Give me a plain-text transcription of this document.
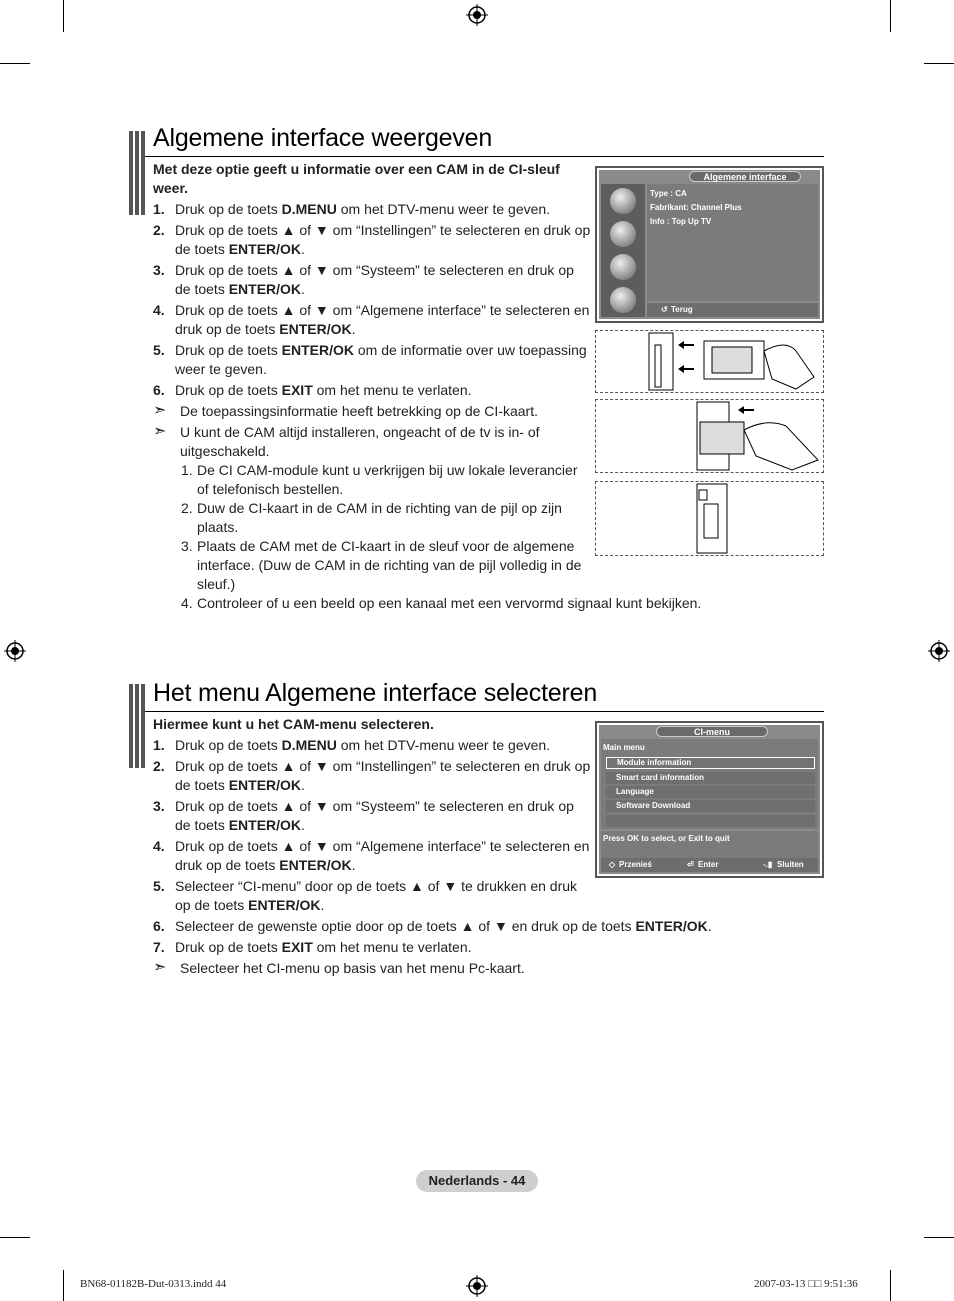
Algemene interface weergeven
Met deze optie geeft u informatie over een CAM in de CI-sleuf weer.
1. Druk op de toets D.MENU om het DTV-menu weer te geven.
2. Druk op de toets ▲ of ▼ om “Instellingen” te selecteren en druk op de toets ENTER/OK.
3. Druk op de toets ▲ of ▼ om “Systeem” te selecteren en druk op de toets ENTER/OK.
4. Druk op de toets ▲ of ▼ om “Algemene interface” te selecteren en druk op de toets ENTER/OK.
5. Druk op de toets ENTER/OK om de informatie over uw toepassing weer te geven.
6. Druk op de toets EXIT om het menu te verlaten.
➣ De toepassingsinformatie heeft betrekking op de CI-kaart.
➣ U kunt de CAM altijd installeren, ongeacht of de tv is in- of uitgeschakeld.
1. De CI CAM-module kunt u verkrijgen bij uw lokale leverancier of telefonisch bestellen.
2. Duw de CI-kaart in de CAM in de richting van de pijl op zijn plaats.
3. Plaats de CAM met de CI-kaart in de sleuf voor de algemene interface. (Duw de CAM in de richting van de pijl volledig in de sleuf.)
4. Controleer of u een beeld op een kanaal met een vervormd signaal kunt bekijken.
Algemene interface
Type : CA
Fabrikant: Channel Plus
Info : Top Up TV
↺ Terug
Het menu Algemene interface selecteren
Hiermee kunt u het CAM-menu selecteren.
1. Druk op de toets D.MENU om het DTV-menu weer te geven.
2. Druk op de toets ▲ of ▼ om “Instellingen” te selecteren en druk op de toets ENTER/OK.
3. Druk op de toets ▲ of ▼ om “Systeem” te selecteren en druk op de toets ENTER/OK.
4. Druk op de toets ▲ of ▼ om “Algemene interface” te selecteren en druk op de toets ENTER/OK.
5. Selecteer “CI-menu” door op de toets ▲ of ▼ te drukken en druk op de toets ENTER/OK.
6. Selecteer de gewenste optie door op de toets ▲ of ▼ en druk op de toets ENTER/OK.
7. Druk op de toets EXIT om het menu te verlaten.
➣ Selecteer het CI-menu op basis van het menu Pc-kaart.
CI-menu
Main menu
Module information
Smart card information
Language
Software Download
Press OK to select, or Exit to quit
◇ Przenieś	⏎ Enter	-.▮ Sluiten
Nederlands - 44
BN68-01182B-Dut-0313.indd 44	2007-03-13 □□ 9:51:36
